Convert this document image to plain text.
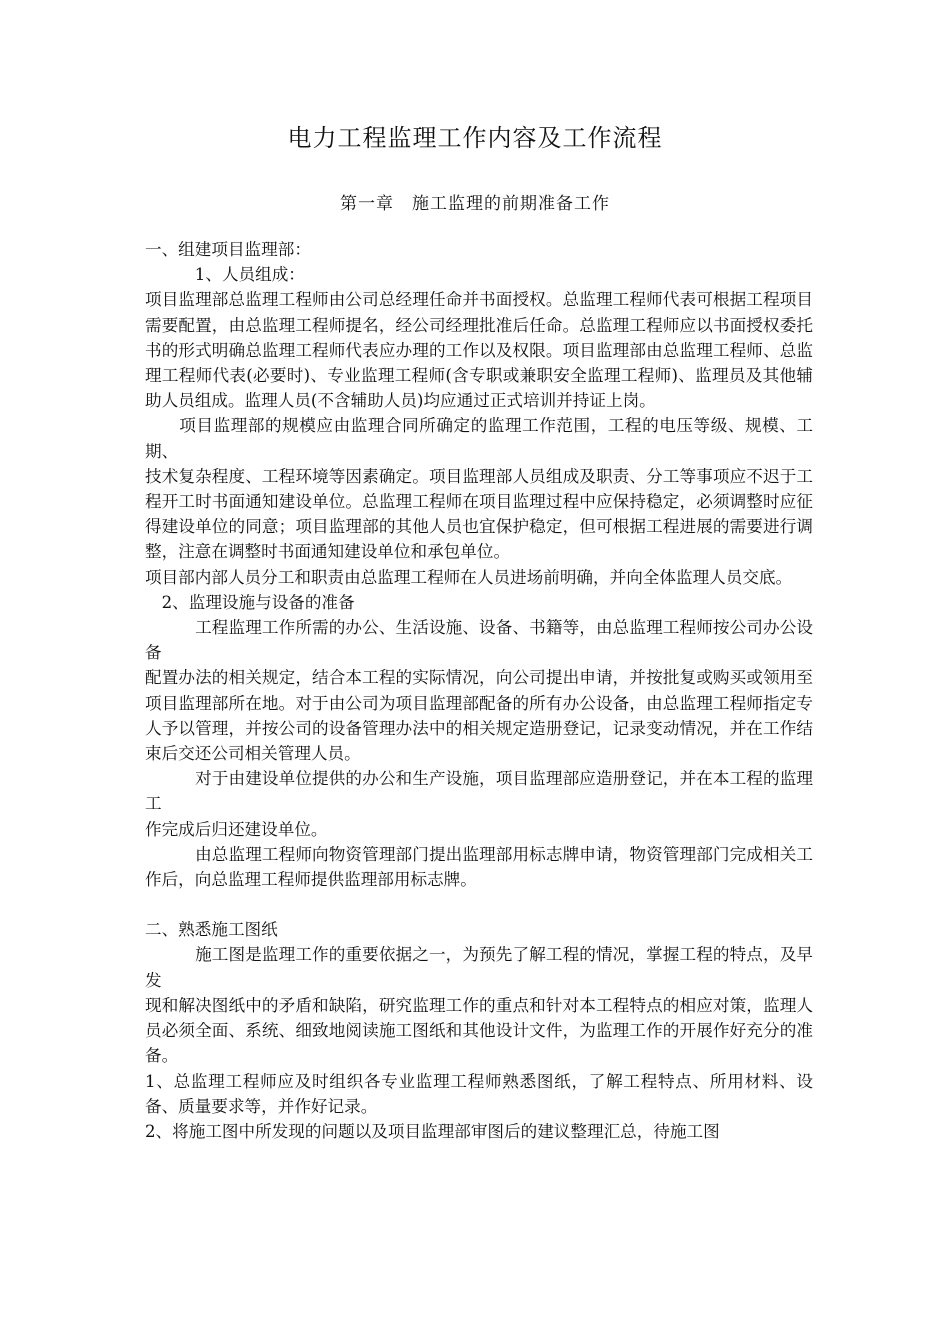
电力工程监理工作内容及工作流程
第一章　施工监理的前期准备工作

一、组建项目监理部：

　　　1、人员组成：

项目监理部总监理工程师由公司总经理任命并书面授权。总监理工程师代表可根据工程项目需要配置，由总监理工程师提名，经公司经理批准后任命。总监理工程师应以书面授权委托书的形式明确总监理工程师代表应办理的工作以及权限。项目监理部由总监理工程师、总监理工程师代表(必要时)、专业监理工程师(含专职或兼职安全监理工程师)、监理员及其他辅助人员组成。监理人员(不含辅助人员)均应通过正式培训并持证上岗。

　　项目监理部的规模应由监理合同所确定的监理工作范围，工程的电压等级、规模、工期、

技术复杂程度、工程环境等因素确定。项目监理部人员组成及职责、分工等事项应不迟于工程开工时书面通知建设单位。总监理工程师在项目监理过程中应保持稳定，必须调整时应征得建设单位的同意；项目监理部的其他人员也宜保护稳定，但可根据工程进展的需要进行调整，注意在调整时书面通知建设单位和承包单位。

项目部内部人员分工和职责由总监理工程师在人员进场前明确，并向全体监理人员交底。

　2、监理设施与设备的准备

　　　工程监理工作所需的办公、生活设施、设备、书籍等，由总监理工程师按公司办公设备

配置办法的相关规定，结合本工程的实际情况，向公司提出申请，并按批复或购买或领用至项目监理部所在地。对于由公司为项目监理部配备的所有办公设备，由总监理工程师指定专人予以管理，并按公司的设备管理办法中的相关规定造册登记，记录变动情况，并在工作结束后交还公司相关管理人员。

　　　对于由建设单位提供的办公和生产设施，项目监理部应造册登记，并在本工程的监理工

作完成后归还建设单位。

　　　由总监理工程师向物资管理部门提出监理部用标志牌申请，物资管理部门完成相关工作后，向总监理工程师提供监理部用标志牌。

二、熟悉施工图纸

　　　施工图是监理工作的重要依据之一，为预先了解工程的情况，掌握工程的特点，及早发

现和解决图纸中的矛盾和缺陷，研究监理工作的重点和针对本工程特点的相应对策，监理人员必须全面、系统、细致地阅读施工图纸和其他设计文件，为监理工作的开展作好充分的准备。

1、总监理工程师应及时组织各专业监理工程师熟悉图纸，了解工程特点、所用材料、设备、质量要求等，并作好记录。

2、将施工图中所发现的问题以及项目监理部审图后的建议整理汇总，待施工图
